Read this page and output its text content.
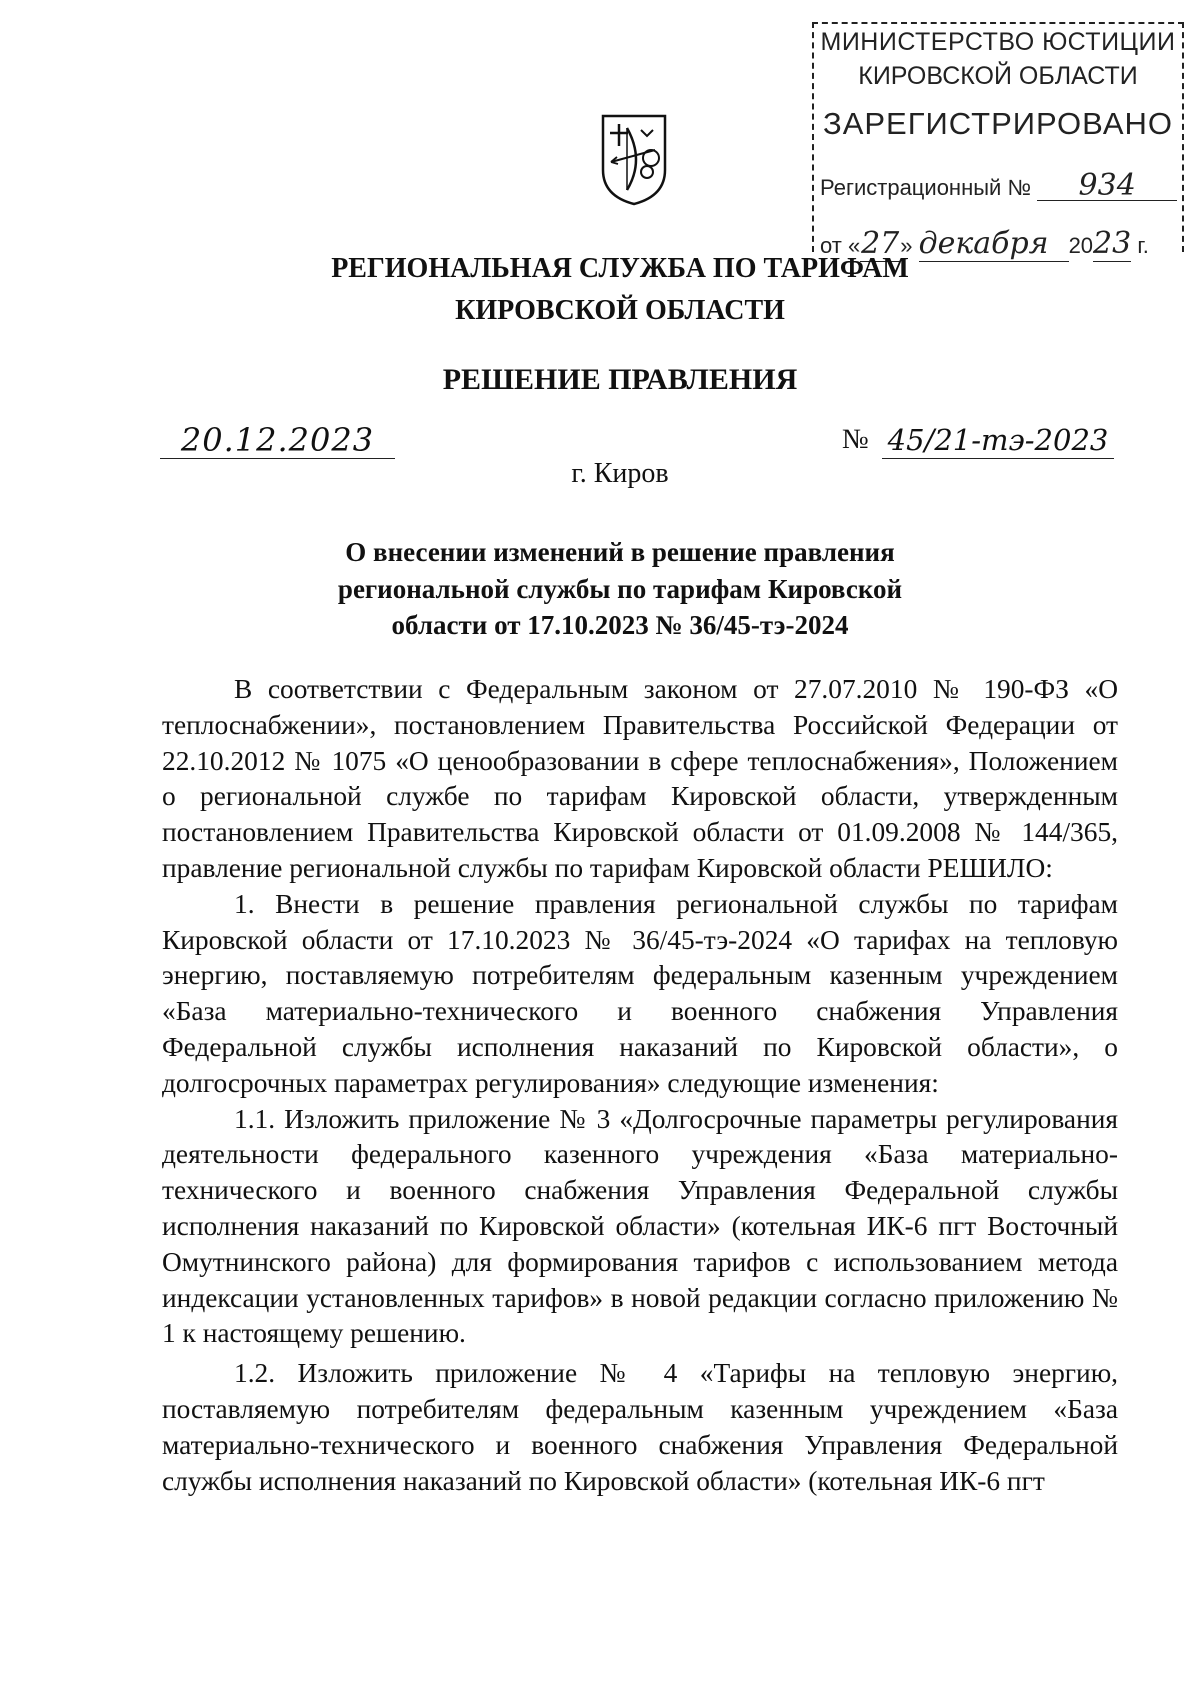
МИНИСТЕРСТВО ЮСТИЦИИ
КИРОВСКОЙ ОБЛАСТИ
ЗАРЕГИСТРИРОВАНО
Регистрационный № 934
от «27» декабря 2023 г.
РЕГИОНАЛЬНАЯ СЛУЖБА ПО ТАРИФАМ
КИРОВСКОЙ ОБЛАСТИ
РЕШЕНИЕ ПРАВЛЕНИЯ
20.12.2023	№ 45/21-тэ-2023
г. Киров
О внесении изменений в решение правления
региональной службы по тарифам Кировской
области от 17.10.2023 № 36/45-тэ-2024

В соответствии с Федеральным законом от 27.07.2010 № 190-ФЗ «О теплоснабжении», постановлением Правительства Российской Федерации от 22.10.2012 № 1075 «О ценообразовании в сфере теплоснабжения», Положением о региональной службе по тарифам Кировской области, утвержденным постановлением Правительства Кировской области от 01.09.2008 № 144/365, правление региональной службы по тарифам Кировской области РЕШИЛО:

1. Внести в решение правления региональной службы по тарифам Кировской области от 17.10.2023 № 36/45-тэ-2024 «О тарифах на тепловую энергию, поставляемую потребителям федеральным казенным учреждением «База материально-технического и военного снабжения Управления Федеральной службы исполнения наказаний по Кировской области», о долгосрочных параметрах регулирования» следующие изменения:

1.1. Изложить приложение № 3 «Долгосрочные параметры регулирования деятельности федерального казенного учреждения «База материально-технического и военного снабжения Управления Федеральной службы исполнения наказаний по Кировской области» (котельная ИК-6 пгт Восточный Омутнинского района) для формирования тарифов с использованием метода индексации установленных тарифов» в новой редакции согласно приложению № 1 к настоящему решению.

1.2. Изложить приложение № 4 «Тарифы на тепловую энергию, поставляемую потребителям федеральным казенным учреждением «База материально-технического и военного снабжения Управления Федеральной службы исполнения наказаний по Кировской области» (котельная ИК-6 пгт
